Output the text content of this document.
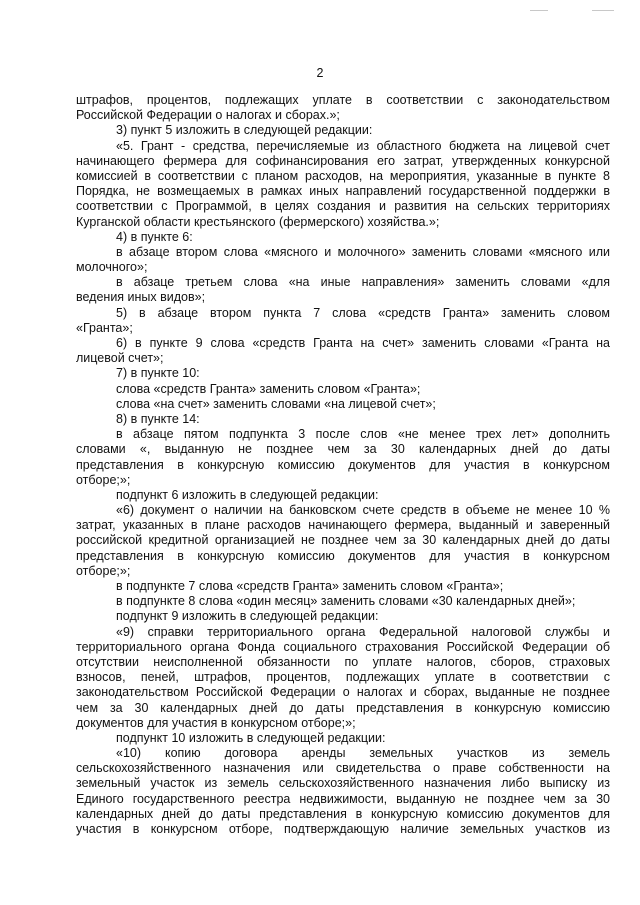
2
штрафов, процентов, подлежащих уплате в соответствии с законодательством
Российской Федерации о налогах и сборах.»;
3) пункт 5 изложить в следующей редакции:
«5. Грант - средства, перечисляемые из областного бюджета на лицевой счет
начинающего фермера для софинансирования его затрат, утвержденных конкурсной
комиссией в соответствии с планом расходов, на мероприятия, указанные в пункте 8
Порядка, не возмещаемых в рамках иных направлений государственной поддержки в
соответствии с Программой, в целях создания и развития на сельских территориях
Курганской области крестьянского (фермерского) хозяйства.»;
4) в пункте 6:
в абзаце втором слова «мясного и молочного» заменить словами «мясного или
молочного»;
в абзаце третьем слова «на иные направления» заменить словами «для
ведения иных видов»;
5) в абзаце втором пункта 7 слова «средств Гранта» заменить словом
«Гранта»;
6) в пункте 9 слова «средств Гранта на счет» заменить словами «Гранта на
лицевой счет»;
7) в пункте 10:
слова «средств Гранта» заменить словом «Гранта»;
слова «на счет» заменить словами «на лицевой счет»;
8) в пункте 14:
в абзаце пятом подпункта 3 после слов «не менее трех лет» дополнить
словами «, выданную не позднее чем за 30 календарных дней до даты
представления в конкурсную комиссию документов для участия в конкурсном
отборе;»;
подпункт 6 изложить в следующей редакции:
«6) документ о наличии на банковском счете средств в объеме не менее 10 %
затрат, указанных в плане расходов начинающего фермера, выданный и заверенный
российской кредитной организацией не позднее чем за 30 календарных дней до даты
представления в конкурсную комиссию документов для участия в конкурсном
отборе;»;
в подпункте 7 слова «средств Гранта» заменить словом «Гранта»;
в подпункте 8 слова «один месяц» заменить словами «30 календарных дней»;
подпункт 9 изложить в следующей редакции:
«9) справки территориального органа Федеральной налоговой службы и
территориального органа Фонда социального страхования Российской Федерации об
отсутствии неисполненной обязанности по уплате налогов, сборов, страховых
взносов, пеней, штрафов, процентов, подлежащих уплате в соответствии с
законодательством Российской Федерации о налогах и сборах, выданные не позднее
чем за 30 календарных дней до даты представления в конкурсную комиссию
документов для участия в конкурсном отборе;»;
подпункт 10 изложить в следующей редакции:
«10) копию договора аренды земельных участков из земель
сельскохозяйственного назначения или свидетельства о праве собственности на
земельный участок из земель сельскохозяйственного назначения либо выписку из
Единого государственного реестра недвижимости, выданную не позднее чем за 30
календарных дней до даты представления в конкурсную комиссию документов для
участия в конкурсном отборе, подтверждающую наличие земельных участков из
